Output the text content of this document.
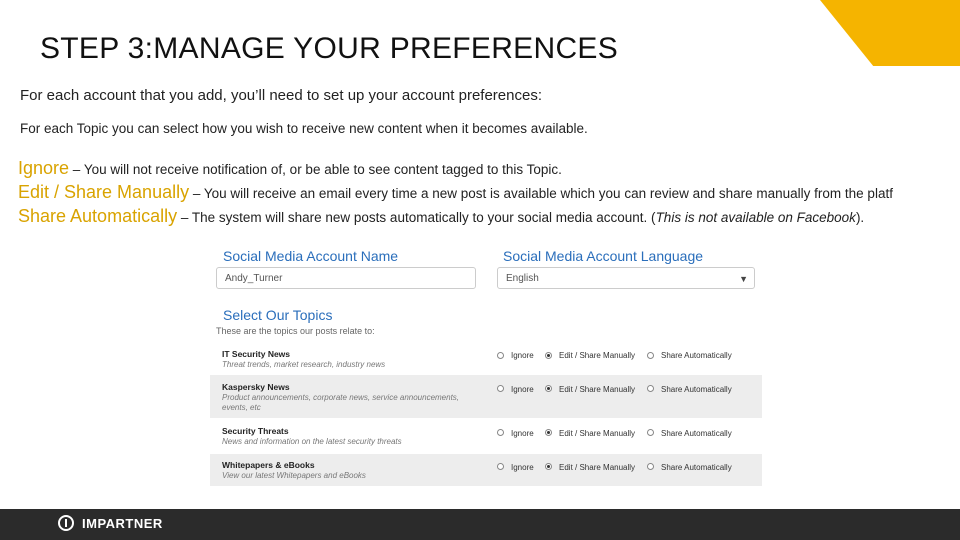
STEP 3:MANAGE YOUR PREFERENCES
For each account that you add, you’ll need to set up your account preferences:
For each Topic you can select how you wish to receive new content when it becomes available.
Ignore – You will not receive notification of, or be able to see content tagged to this Topic.
Edit / Share Manually – You will receive an email every time a new post is available which you can review and share manually from the platf
Share Automatically – The system will share new posts automatically to your social media account. (This is not available on Facebook).
Social Media Account Name
Andy_Turner
Social Media Account Language
English	▼
Select Our Topics
These are the topics our posts relate to:
IT Security News
Threat trends, market research, industry news
Ignore	Edit / Share Manually	Share Automatically
Kaspersky News
Product announcements, corporate news, service announcements, events, etc
Ignore	Edit / Share Manually	Share Automatically
Security Threats
News and information on the latest security threats
Ignore	Edit / Share Manually	Share Automatically
Whitepapers & eBooks
View our latest Whitepapers and eBooks
Ignore	Edit / Share Manually	Share Automatically
IMPARTNER
